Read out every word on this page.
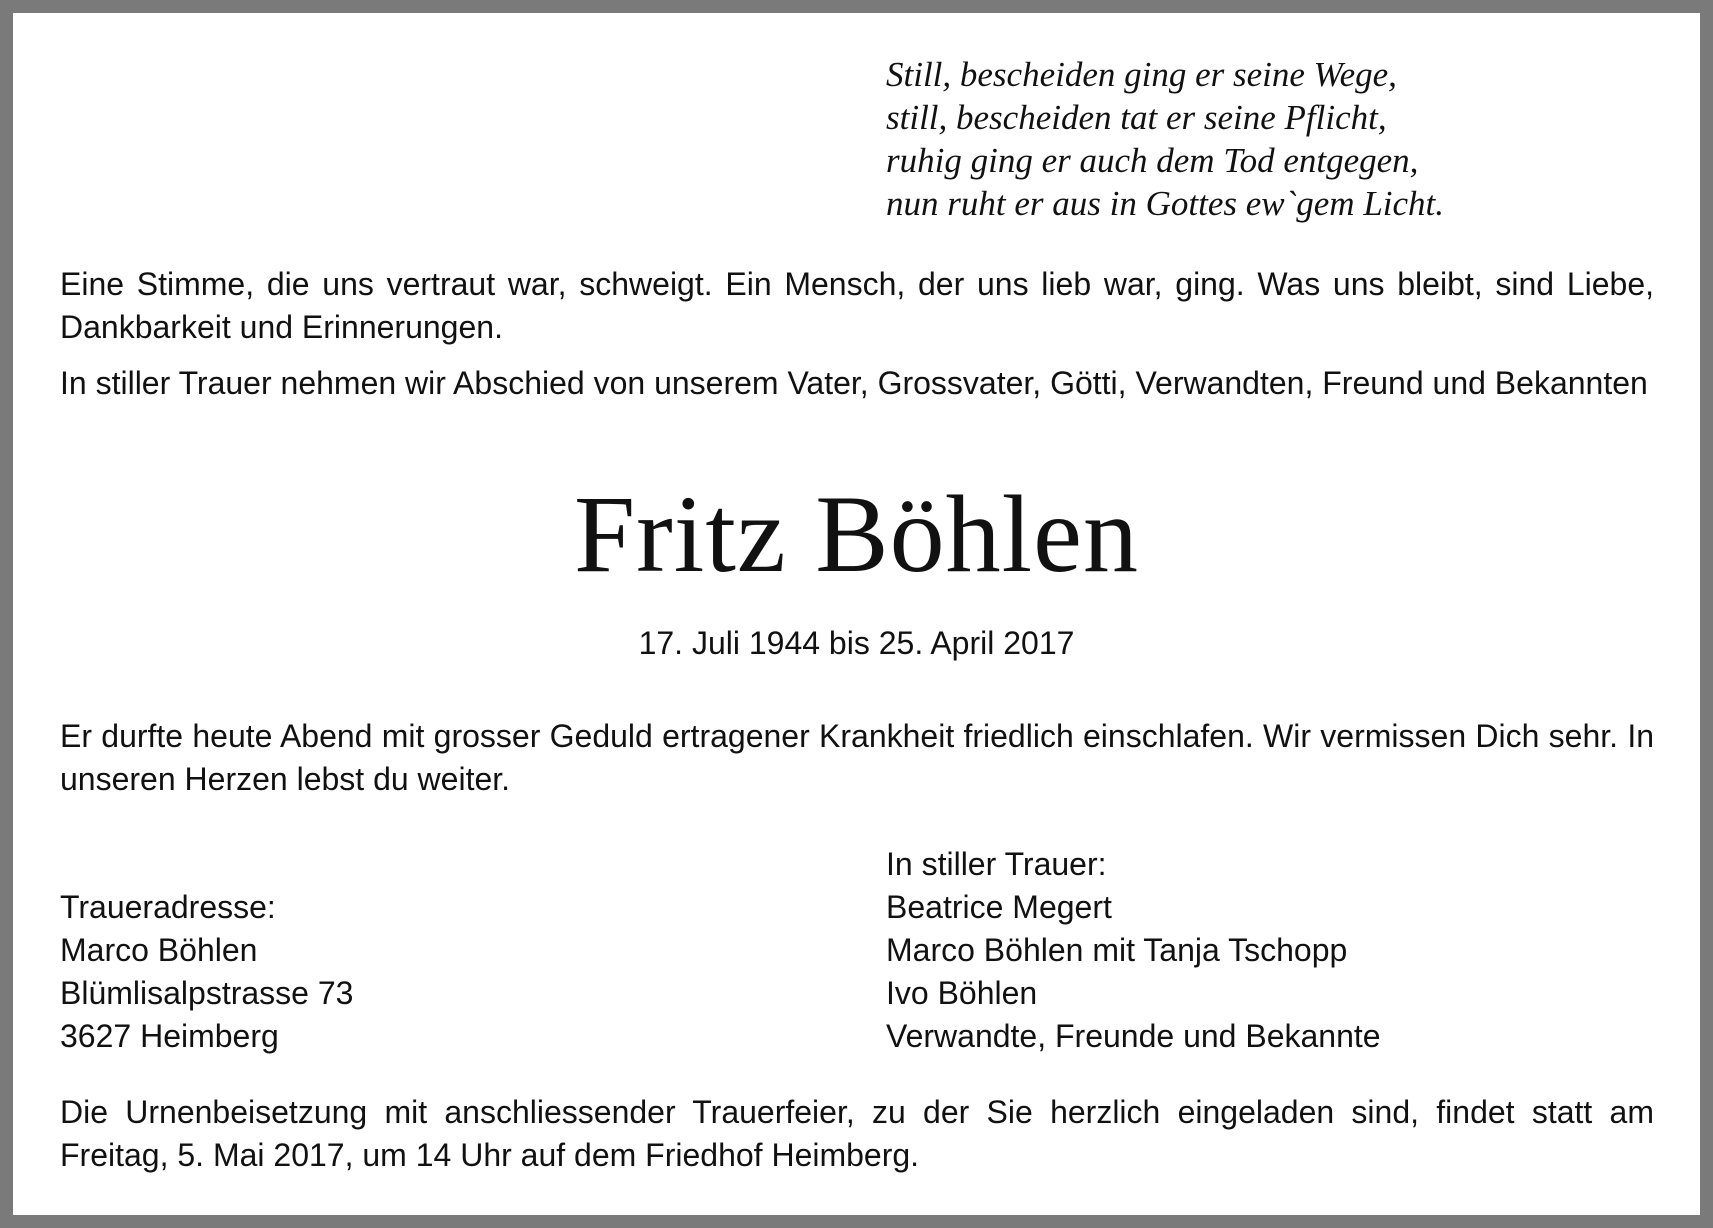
Still, bescheiden ging er seine Wege,
still, bescheiden tat er seine Pflicht,
ruhig ging er auch dem Tod entgegen,
nun ruht er aus in Gottes ew`gem Licht.
Eine Stimme, die uns vertraut war, schweigt. Ein Mensch, der uns lieb war, ging. Was uns bleibt, sind Liebe, Dankbarkeit und Erinnerungen.
In stiller Trauer nehmen wir Abschied von unserem Vater, Grossvater, Götti, Verwandten, Freund und Bekannten
Fritz Böhlen
17. Juli 1944 bis 25. April 2017
Er durfte heute Abend mit grosser Geduld ertragener Krankheit friedlich einschlafen. Wir vermissen Dich sehr. In unseren Herzen lebst du weiter.
Traueradresse:
Marco Böhlen
Blümlisalpstrasse 73
3627 Heimberg
In stiller Trauer:
Beatrice Megert
Marco Böhlen mit Tanja Tschopp
Ivo Böhlen
Verwandte, Freunde und Bekannte
Die Urnenbeisetzung mit anschliessender Trauerfeier, zu der Sie herzlich eingeladen sind, findet statt am Freitag, 5. Mai 2017, um 14 Uhr auf dem Friedhof Heimberg.
